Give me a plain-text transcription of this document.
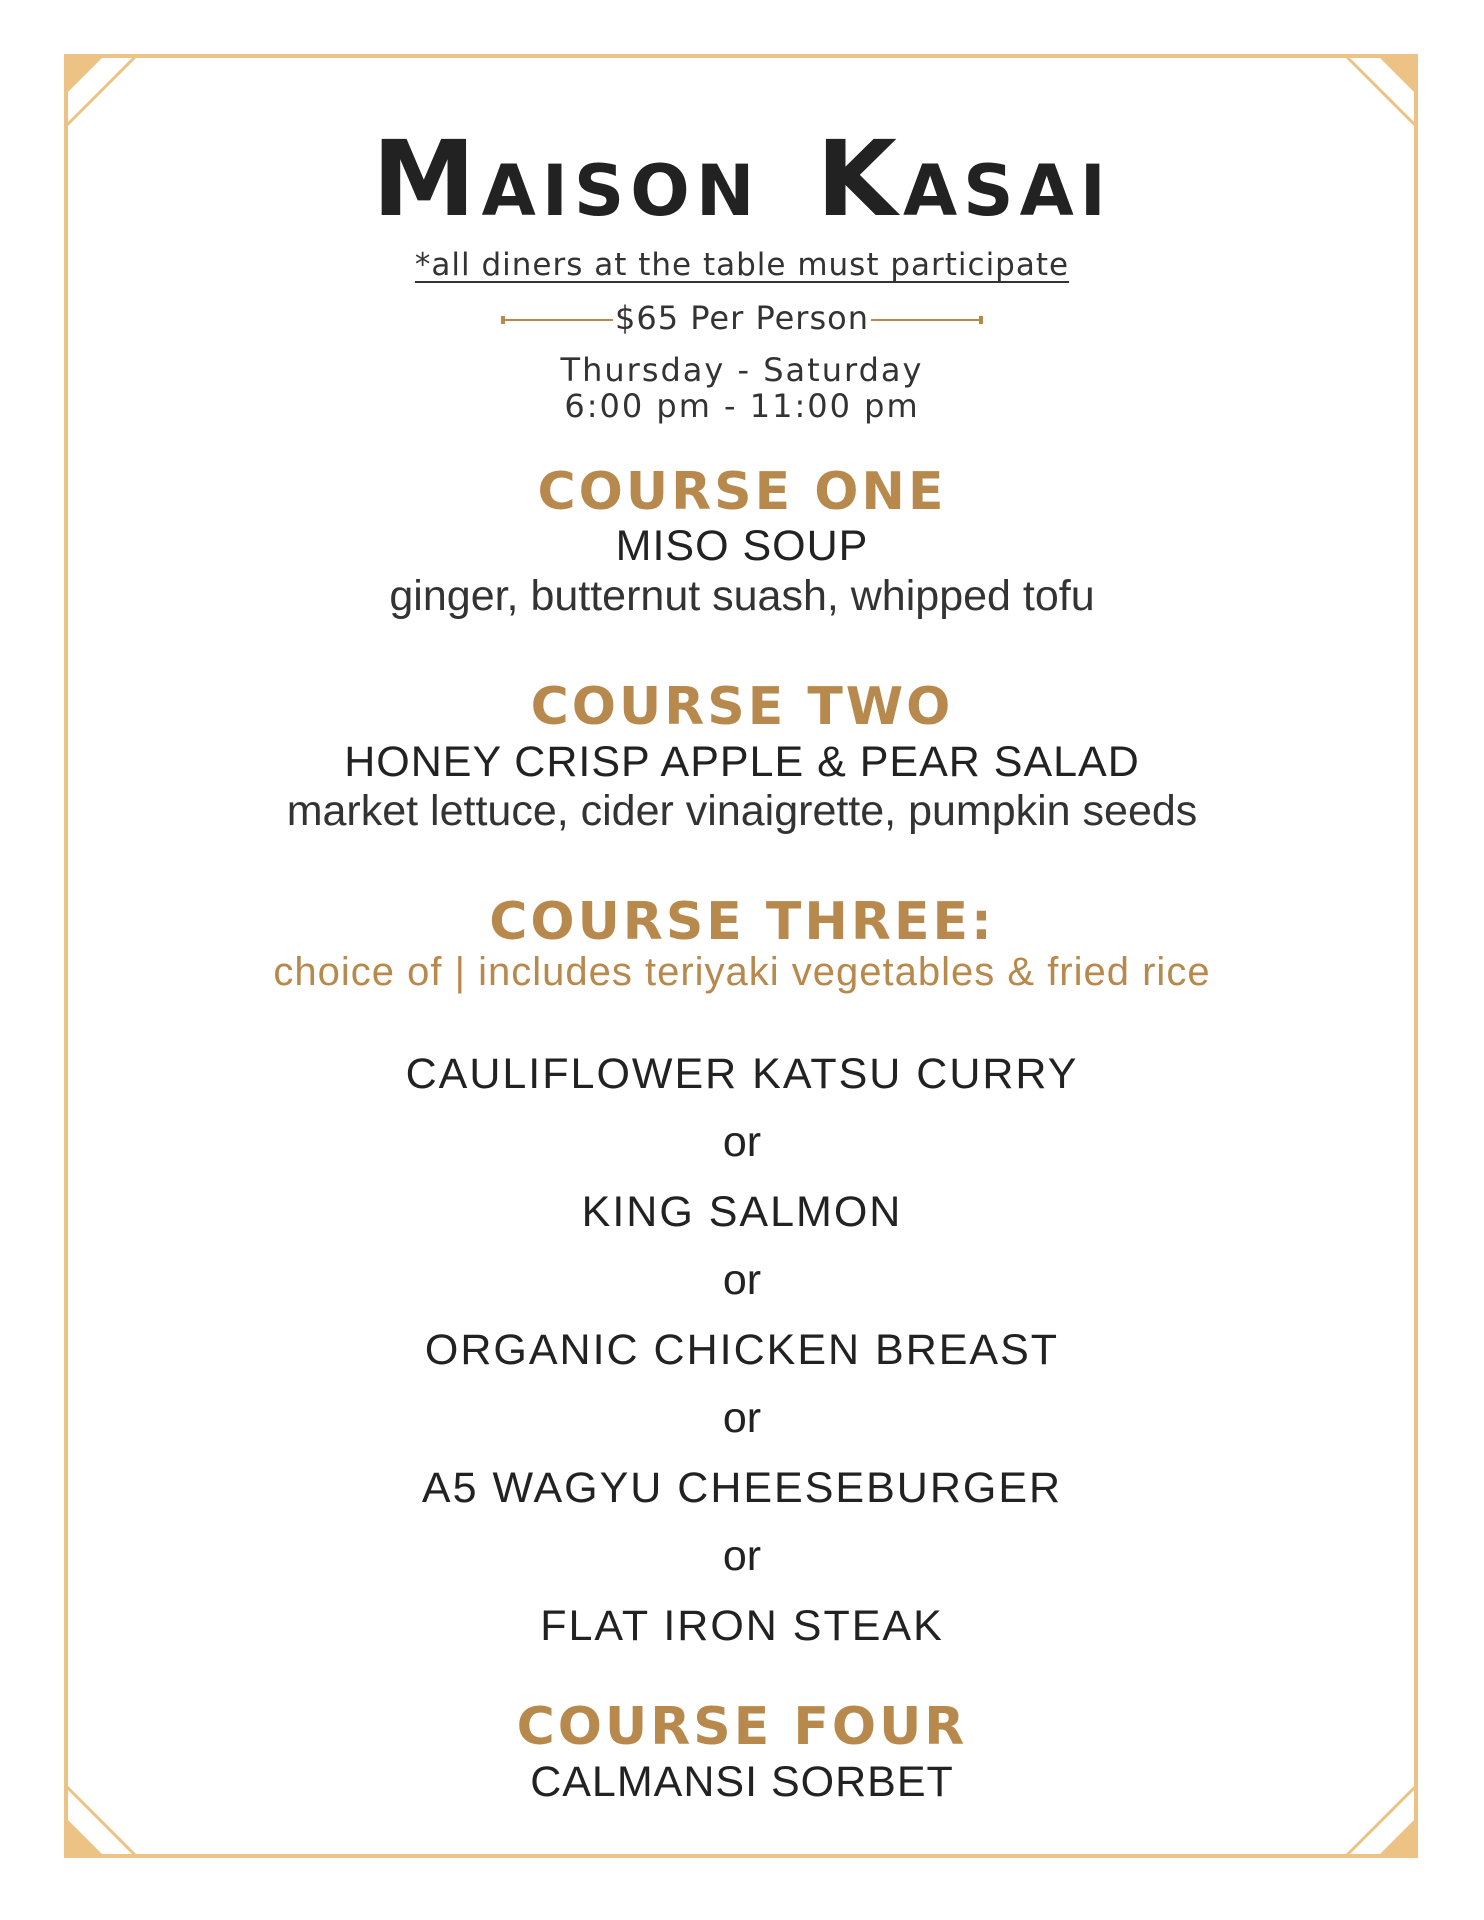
MAISON KASAI
*all diners at the table must participate
$65 Per Person
Thursday - Saturday
6:00 pm - 11:00 pm
COURSE ONE
MISO SOUP
ginger, butternut suash, whipped tofu
COURSE TWO
HONEY CRISP APPLE & PEAR SALAD
market lettuce, cider vinaigrette, pumpkin seeds
COURSE THREE:
choice of | includes teriyaki vegetables & fried rice
CAULIFLOWER KATSU CURRY
or
KING SALMON
or
ORGANIC CHICKEN BREAST
or
A5 WAGYU CHEESEBURGER
or
FLAT IRON STEAK
COURSE FOUR
CALMANSI SORBET
